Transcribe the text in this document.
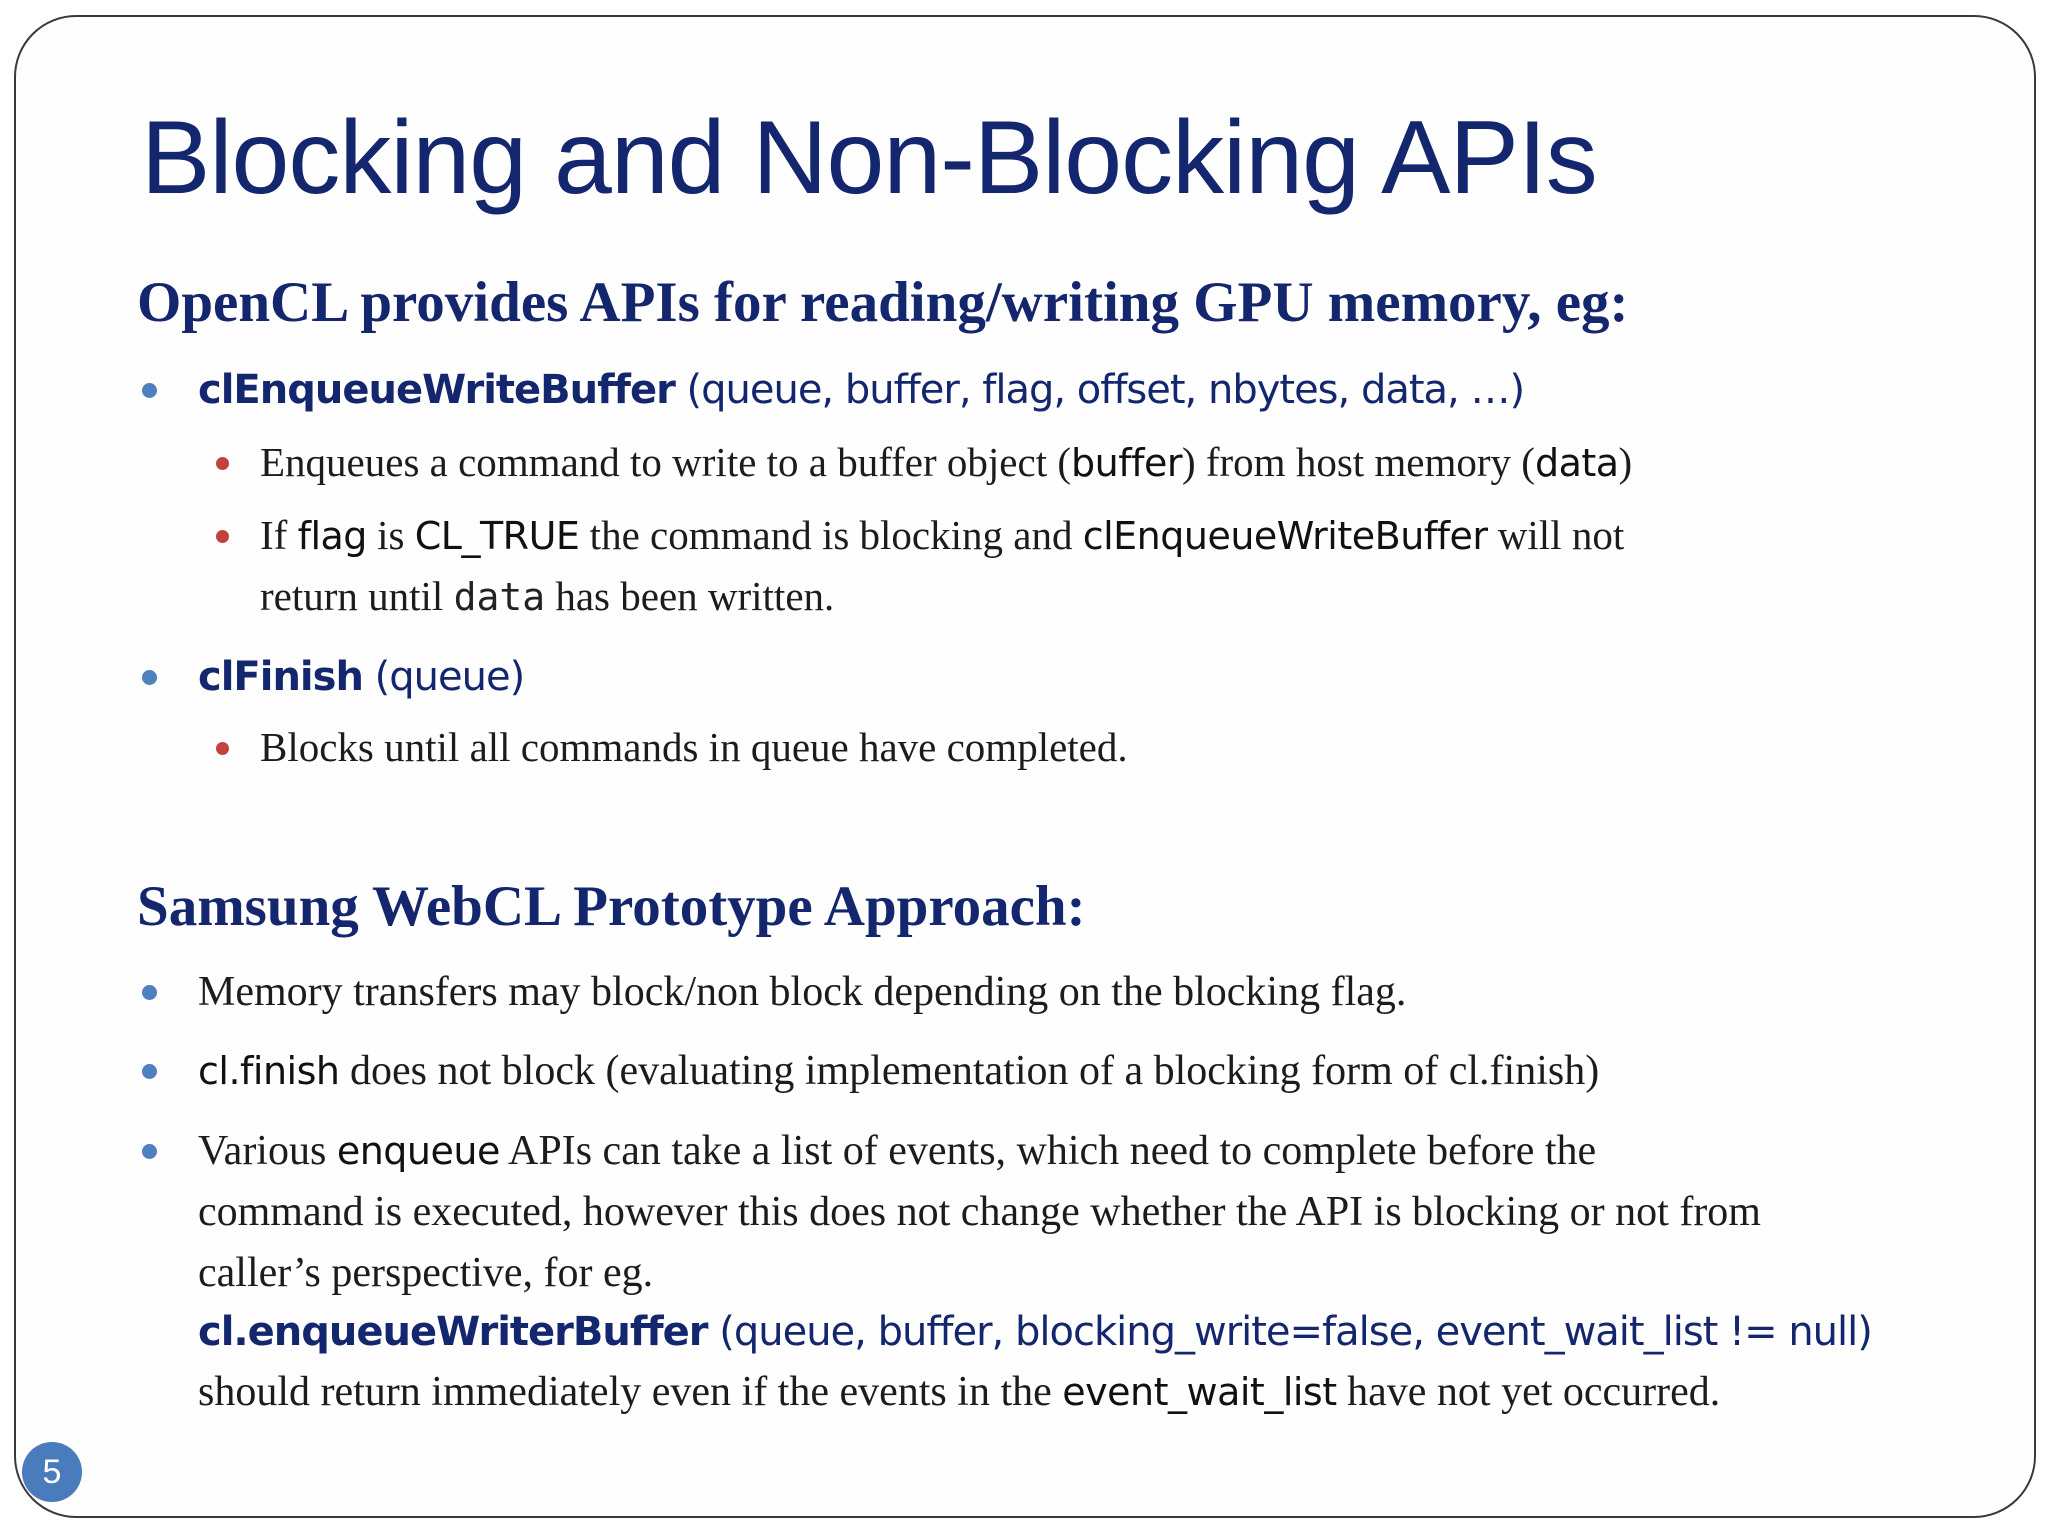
Blocking and Non-Blocking APIs
OpenCL provides APIs for reading/writing GPU memory, eg:
clEnqueueWriteBuffer (queue, buffer, flag, offset, nbytes, data, …)
Enqueues a command to write to a buffer object (buffer) from host memory (data)
If flag is CL_TRUE the command is blocking and clEnqueueWriteBuffer will not
return until data has been written.
clFinish (queue)
Blocks until all commands in queue have completed.
Samsung WebCL Prototype Approach:
Memory transfers may block/non block depending on the blocking flag.
cl.finish does not block (evaluating implementation of a blocking form of cl.finish)
Various enqueue APIs can take a list of events, which need to complete before the
command is executed, however this does not change whether the API is blocking or not from
caller’s perspective, for eg.
cl.enqueueWriterBuffer (queue, buffer, blocking_write=false, event_wait_list != null)
should return immediately even if the events in the event_wait_list have not yet occurred.
5
